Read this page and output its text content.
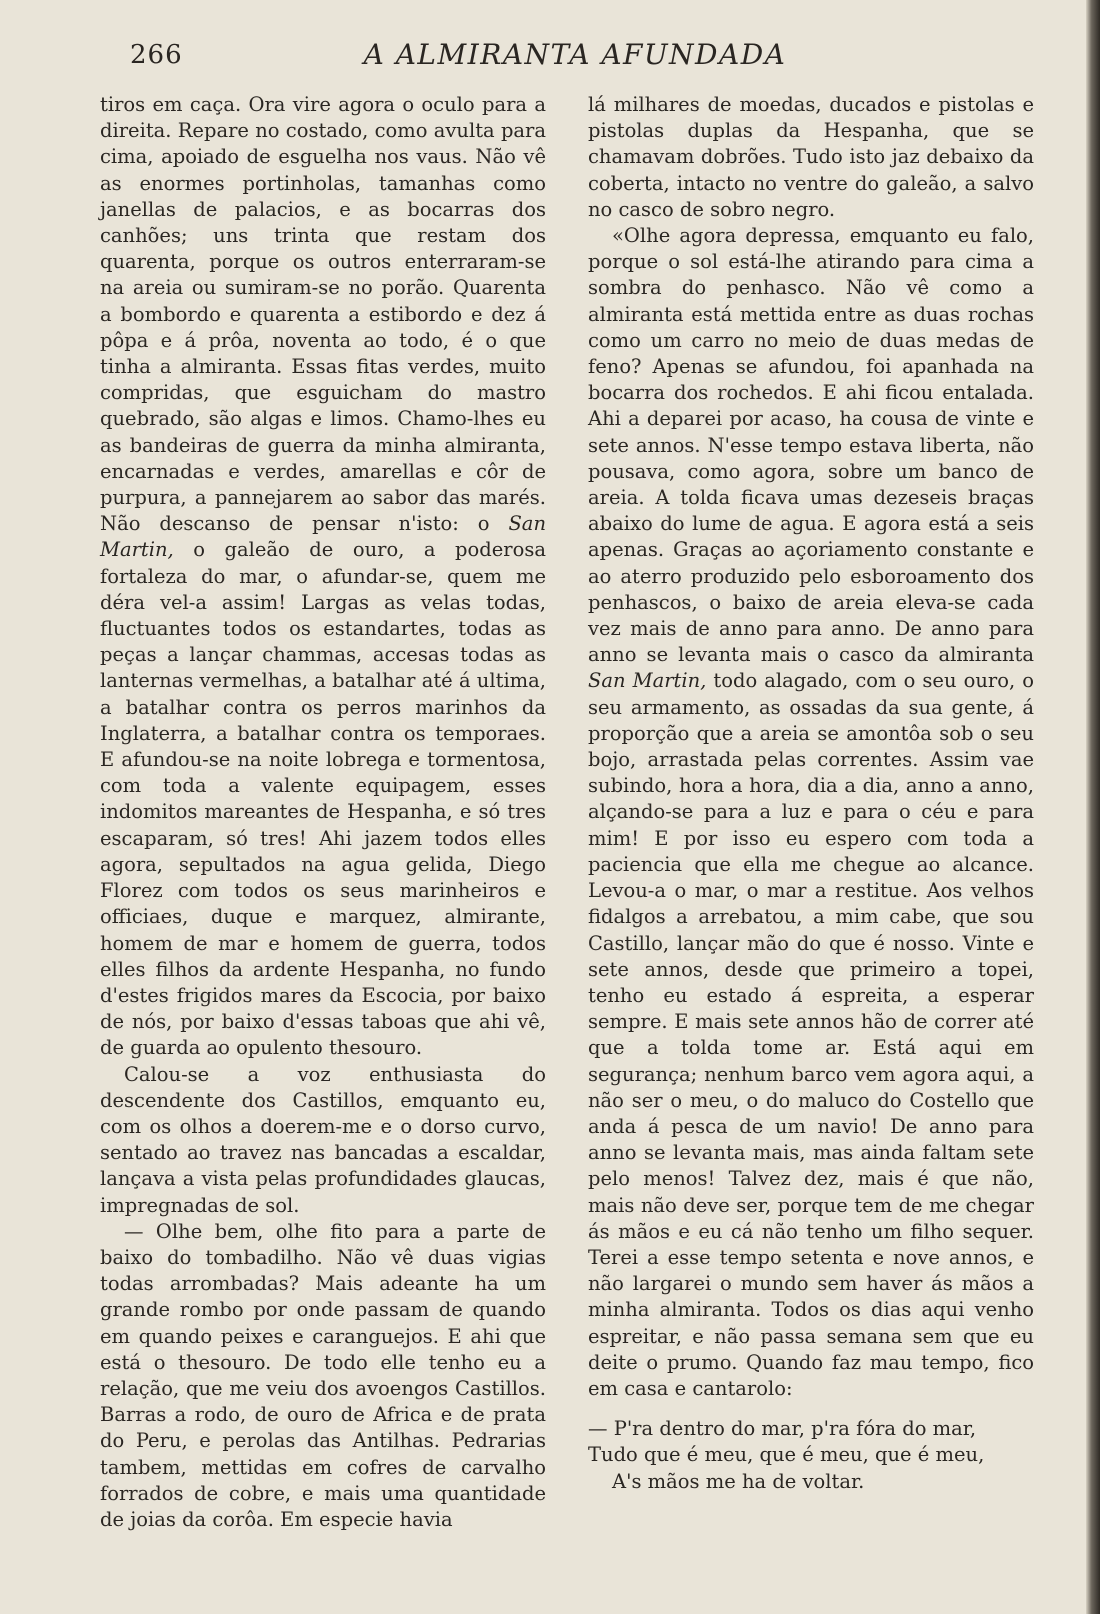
266	A ALMIRANTA AFUNDADA

tiros em caça. Ora vire agora o oculo para a direita. Repare no costado, como avulta para cima, apoiado de esguelha nos vaus. Não vê as enormes portinholas, tamanhas como janellas de palacios, e as bocarras dos canhões; uns trinta que restam dos quarenta, porque os outros enterraram-se na areia ou sumiram-se no porão. Quarenta a bombordo e quarenta a estibordo e dez á pôpa e á prôa, noventa ao todo, é o que tinha a almiranta. Essas fitas verdes, muito compridas, que esguicham do mastro quebrado, são algas e limos. Chamo-lhes eu as bandeiras de guerra da minha almiranta, encarnadas e verdes, amarellas e côr de purpura, a pannejarem ao sabor das marés. Não descanso de pensar n'isto: o San Martin, o galeão de ouro, a poderosa fortaleza do mar, o afundar-se, quem me déra vel-a assim! Largas as velas todas, fluctuantes todos os estandartes, todas as peças a lançar chammas, accesas todas as lanternas vermelhas, a batalhar até á ultima, a batalhar contra os perros marinhos da Inglaterra, a batalhar contra os temporaes. E afundou-se na noite lobrega e tormentosa, com toda a valente equipagem, esses indomitos mareantes de Hespanha, e só tres escaparam, só tres! Ahi jazem todos elles agora, sepultados na agua gelida, Diego Florez com todos os seus marinheiros e officiaes, duque e marquez, almirante, homem de mar e homem de guerra, todos elles filhos da ardente Hespanha, no fundo d'estes frigidos mares da Escocia, por baixo de nós, por baixo d'essas taboas que ahi vê, de guarda ao opulento thesouro.

Calou-se a voz enthusiasta do descendente dos Castillos, emquanto eu, com os olhos a doerem-me e o dorso curvo, sentado ao travez nas bancadas a escaldar, lançava a vista pelas profundidades glaucas, impregnadas de sol.

— Olhe bem, olhe fito para a parte de baixo do tombadilho. Não vê duas vigias todas arrombadas? Mais adeante ha um grande rombo por onde passam de quando em quando peixes e caranguejos. E ahi que está o thesouro. De todo elle tenho eu a relação, que me veiu dos avoengos Castillos. Barras a rodo, de ouro de Africa e de prata do Peru, e perolas das Antilhas. Pedrarias tambem, mettidas em cofres de carvalho forrados de cobre, e mais uma quantidade de joias da corôa. Em especie havia

lá milhares de moedas, ducados e pistolas e pistolas duplas da Hespanha, que se chamavam dobrões. Tudo isto jaz debaixo da coberta, intacto no ventre do galeão, a salvo no casco de sobro negro.

«Olhe agora depressa, emquanto eu falo, porque o sol está-lhe atirando para cima a sombra do penhasco. Não vê como a almiranta está mettida entre as duas rochas como um carro no meio de duas medas de feno? Apenas se afundou, foi apanhada na bocarra dos rochedos. E ahi ficou entalada. Ahi a deparei por acaso, ha cousa de vinte e sete annos. N'esse tempo estava liberta, não pousava, como agora, sobre um banco de areia. A tolda ficava umas dezeseis braças abaixo do lume de agua. E agora está a seis apenas. Graças ao açoriamento constante e ao aterro produzido pelo esboroamento dos penhascos, o baixo de areia eleva-se cada vez mais de anno para anno. De anno para anno se levanta mais o casco da almiranta San Martin, todo alagado, com o seu ouro, o seu armamento, as ossadas da sua gente, á proporção que a areia se amontôa sob o seu bojo, arrastada pelas correntes. Assim vae subindo, hora a hora, dia a dia, anno a anno, alçando-se para a luz e para o céu e para mim! E por isso eu espero com toda a paciencia que ella me chegue ao alcance. Levou-a o mar, o mar a restitue. Aos velhos fidalgos a arrebatou, a mim cabe, que sou Castillo, lançar mão do que é nosso. Vinte e sete annos, desde que primeiro a topei, tenho eu estado á espreita, a esperar sempre. E mais sete annos hão de correr até que a tolda tome ar. Está aqui em segurança; nenhum barco vem agora aqui, a não ser o meu, o do maluco do Costello que anda á pesca de um navio! De anno para anno se levanta mais, mas ainda faltam sete pelo menos! Talvez dez, mais é que não, mais não deve ser, porque tem de me chegar ás mãos e eu cá não tenho um filho sequer. Terei a esse tempo setenta e nove annos, e não largarei o mundo sem haver ás mãos a minha almiranta. Todos os dias aqui venho espreitar, e não passa semana sem que eu deite o prumo. Quando faz mau tempo, fico em casa e cantarolo:

— P'ra dentro do mar, p'ra fóra do mar,
Tudo que é meu, que é meu, que é meu,
A's mãos me ha de voltar.
